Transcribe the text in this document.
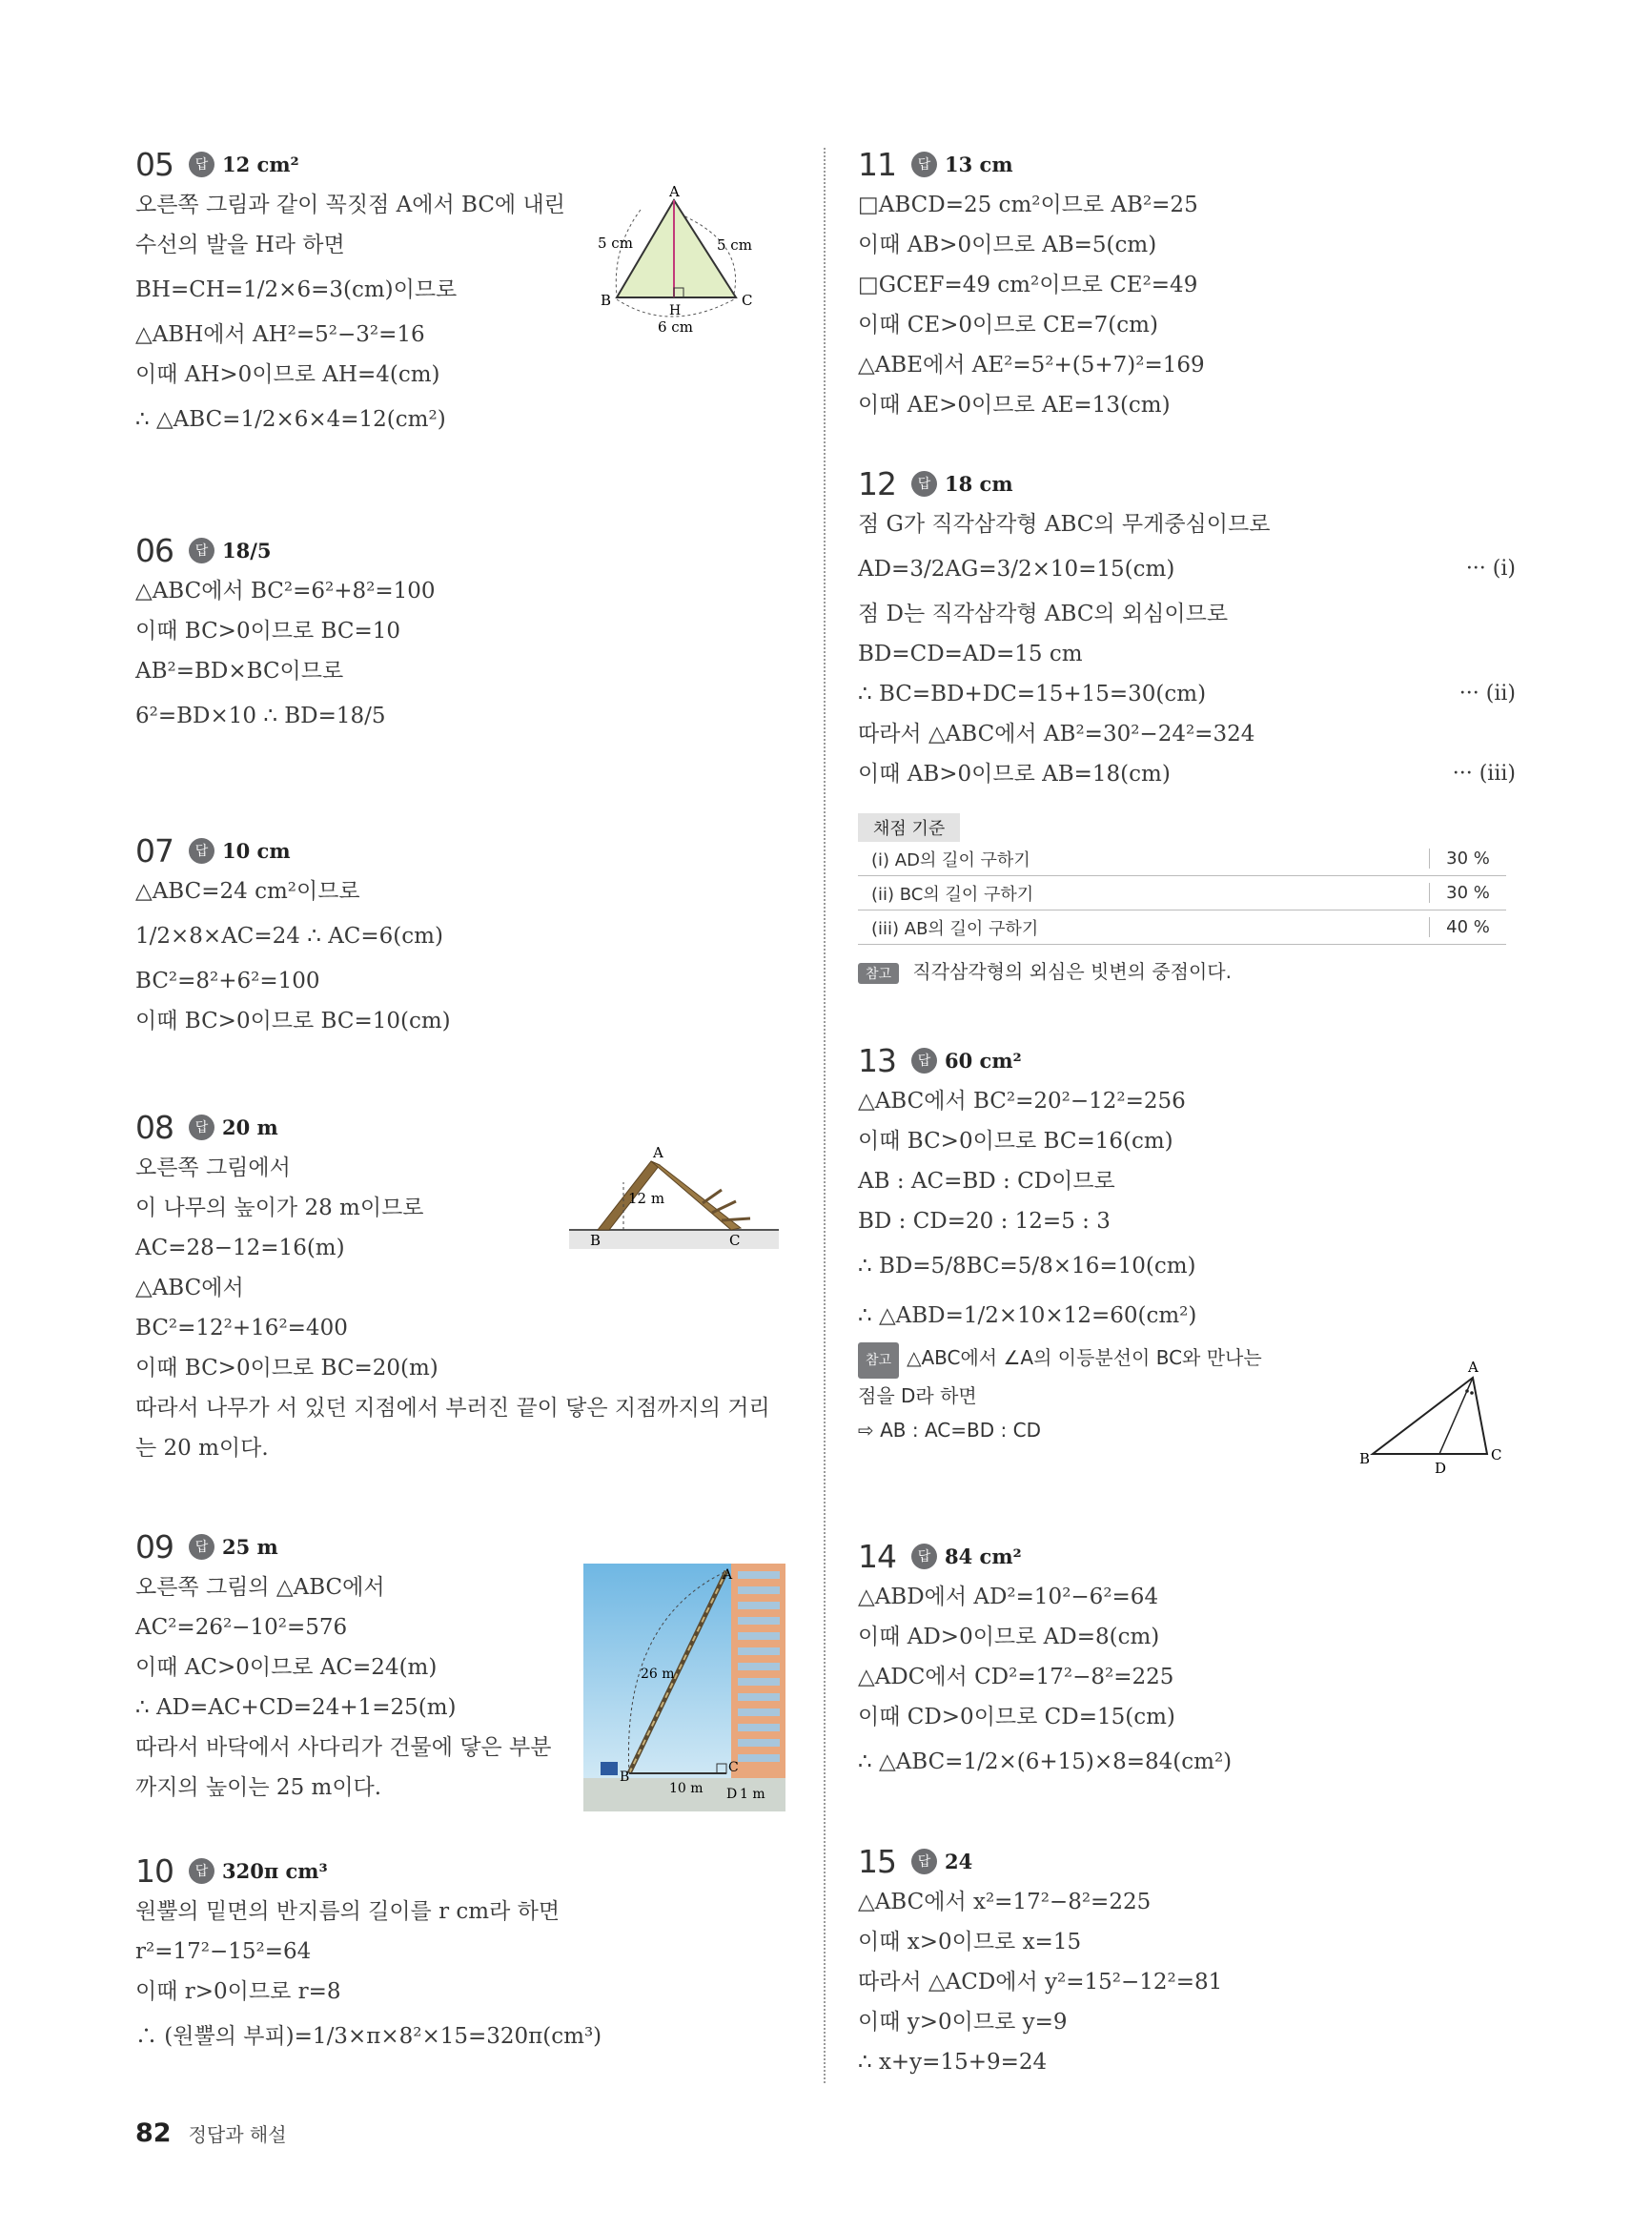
05	답 12 cm²
오른쪽 그림과 같이 꼭짓점 A에서 BC에 내린
수선의 발을 H라 하면
BH=CH=1/2×6=3(cm)이므로
△ABH에서 AH²=5²−3²=16
이때 AH>0이므로 AH=4(cm)
∴ △ABC=1/2×6×4=12(cm²)
A
B	C
H
5 cm	5 cm
6 cm
06	답 18/5
△ABC에서 BC²=6²+8²=100
이때 BC>0이므로 BC=10
AB²=BD×BC이므로
6²=BD×10 ∴ BD=18/5
07	답 10 cm
△ABC=24 cm²이므로
1/2×8×AC=24 ∴ AC=6(cm)
BC²=8²+6²=100
이때 BC>0이므로 BC=10(cm)
08	답 20 m
오른쪽 그림에서
이 나무의 높이가 28 m이므로
AC=28−12=16(m)
△ABC에서
BC²=12²+16²=400
이때 BC>0이므로 BC=20(m)
따라서 나무가 서 있던 지점에서 부러진 끝이 닿은 지점까지의 거리
는 20 m이다.
A
B	C
12 m
09	답 25 m
오른쪽 그림의 △ABC에서
AC²=26²−10²=576
이때 AC>0이므로 AC=24(m)
∴ AD=AC+CD=24+1=25(m)
따라서 바닥에서 사다리가 건물에 닿은 부분
까지의 높이는 25 m이다.
A
B
C
D
26 m
10 m	1 m
10	답 320π cm³
원뿔의 밑면의 반지름의 길이를 r cm라 하면
r²=17²−15²=64
이때 r>0이므로 r=8
∴ (원뿔의 부피)=1/3×π×8²×15=320π(cm³)
11	답 13 cm
□ABCD=25 cm²이므로 AB²=25
이때 AB>0이므로 AB=5(cm)
□GCEF=49 cm²이므로 CE²=49
이때 CE>0이므로 CE=7(cm)
△ABE에서 AE²=5²+(5+7)²=169
이때 AE>0이므로 AE=13(cm)
12	답 18 cm
점 G가 직각삼각형 ABC의 무게중심이므로
AD=3/2AG=3/2×10=15(cm)	··· (i)
점 D는 직각삼각형 ABC의 외심이므로
BD=CD=AD=15 cm
∴ BC=BD+DC=15+15=30(cm)	··· (ii)
따라서 △ABC에서 AB²=30²−24²=324
이때 AB>0이므로 AB=18(cm)	··· (iii)
채점 기준
(i) AD의 길이 구하기	30 %
(ii) BC의 길이 구하기	30 %
(iii) AB의 길이 구하기	40 %
참고 직각삼각형의 외심은 빗변의 중점이다.
13	답 60 cm²
△ABC에서 BC²=20²−12²=256
이때 BC>0이므로 BC=16(cm)
AB : AC=BD : CD이므로
BD : CD=20 : 12=5 : 3
∴ BD=5/8BC=5/8×16=10(cm)
∴ △ABD=1/2×10×12=60(cm²)
참고 △ABC에서 ∠A의 이등분선이 BC와 만나는
점을 D라 하면
⇨ AB : AC=BD : CD
A
B	C
D
14	답 84 cm²
△ABD에서 AD²=10²−6²=64
이때 AD>0이므로 AD=8(cm)
△ADC에서 CD²=17²−8²=225
이때 CD>0이므로 CD=15(cm)
∴ △ABC=1/2×(6+15)×8=84(cm²)
15	답 24
△ABC에서 x²=17²−8²=225
이때 x>0이므로 x=15
따라서 △ACD에서 y²=15²−12²=81
이때 y>0이므로 y=9
∴ x+y=15+9=24
82 정답과 해설
